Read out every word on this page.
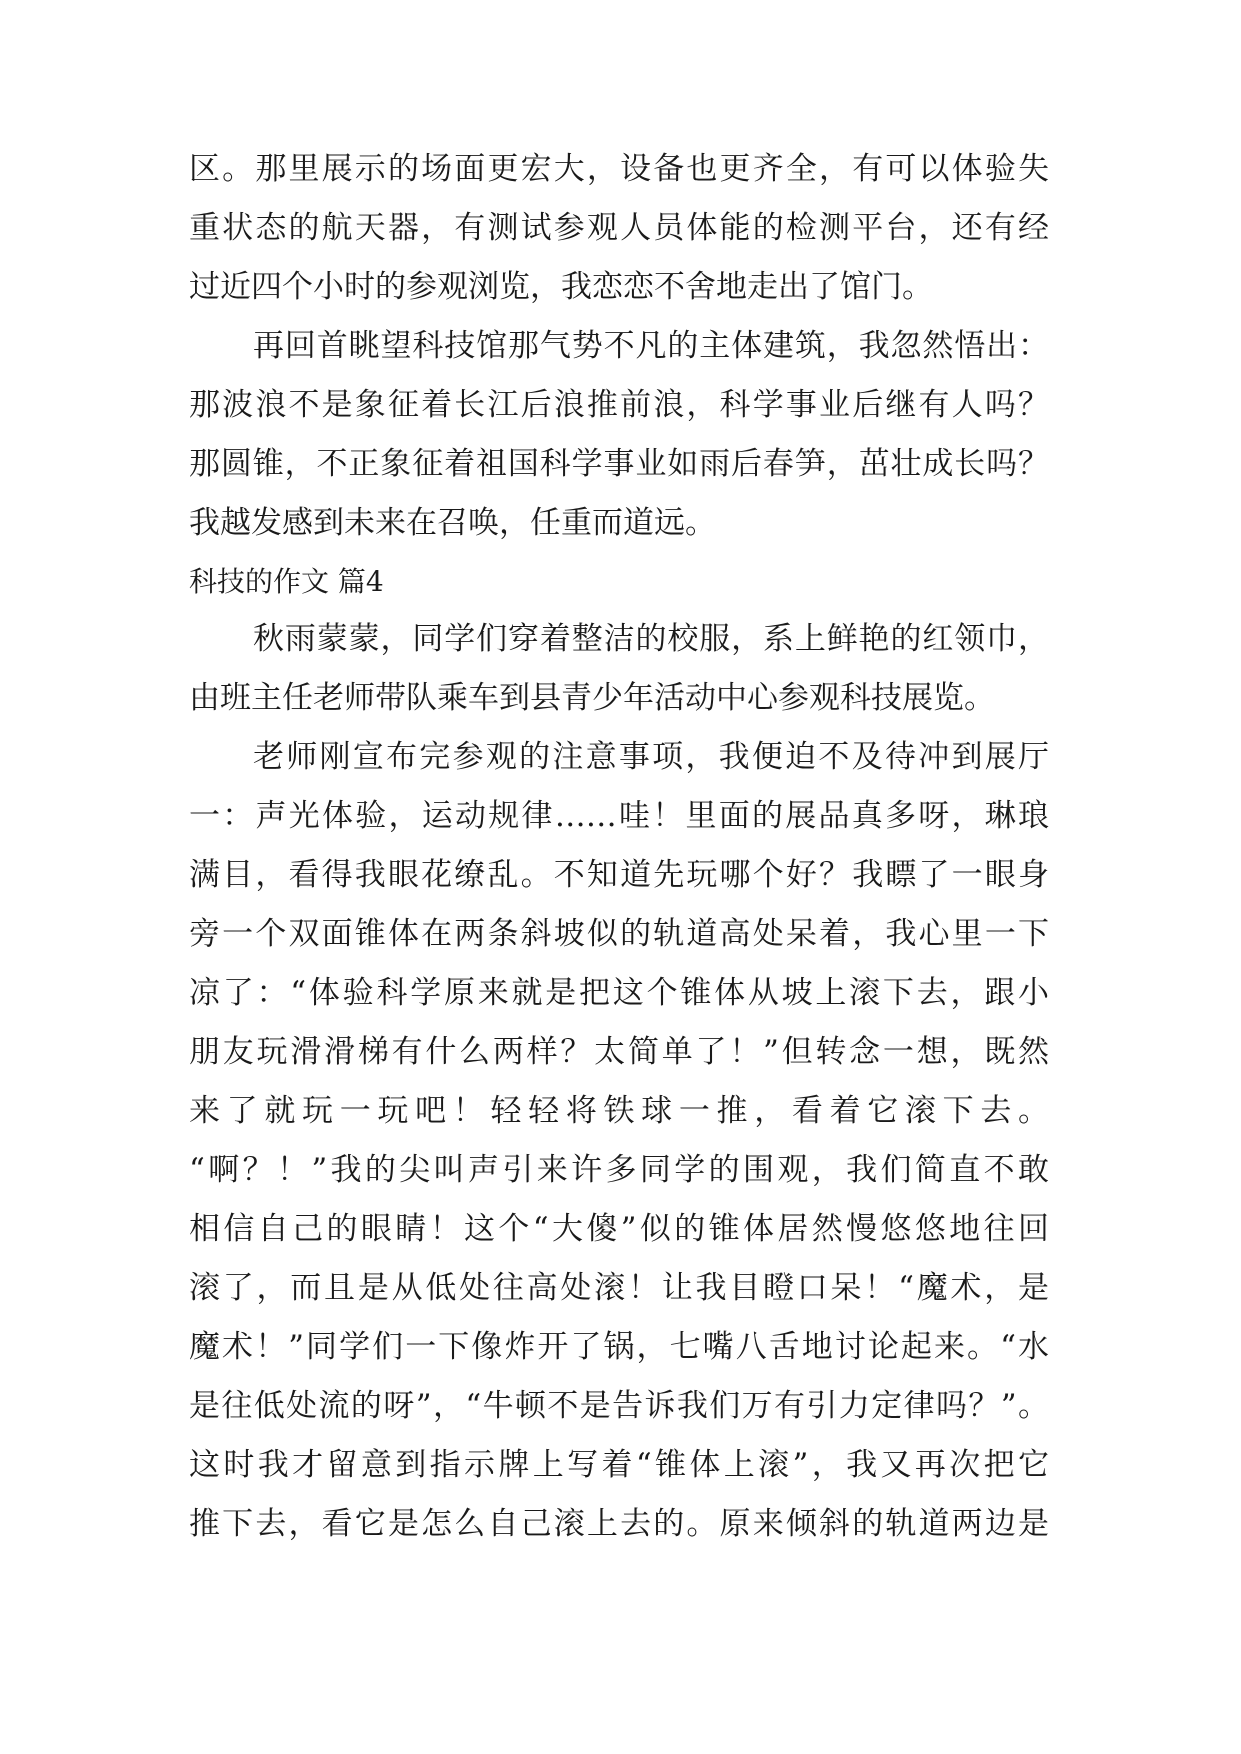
区。那里展示的场面更宏大，设备也更齐全，有可以体验失
重状态的航天器，有测试参观人员体能的检测平台，还有经
过近四个小时的参观浏览，我恋恋不舍地走出了馆门。
再回首眺望科技馆那气势不凡的主体建筑，我忽然悟出：
那波浪不是象征着长江后浪推前浪，科学事业后继有人吗？
那圆锥，不正象征着祖国科学事业如雨后春笋，茁壮成长吗？
我越发感到未来在召唤，任重而道远。
科技的作文 篇4
秋雨蒙蒙，同学们穿着整洁的校服，系上鲜艳的红领巾，
由班主任老师带队乘车到县青少年活动中心参观科技展览。
老师刚宣布完参观的注意事项，我便迫不及待冲到展厅
一：声光体验，运动规律……哇！里面的展品真多呀，琳琅
满目，看得我眼花缭乱。不知道先玩哪个好？我瞟了一眼身
旁一个双面锥体在两条斜坡似的轨道高处呆着，我心里一下
凉了：“体验科学原来就是把这个锥体从坡上滚下去，跟小
朋友玩滑滑梯有什么两样？太简单了！”但转念一想，既然
来了就玩一玩吧！轻轻将铁球一推，看着它滚下去。
“啊？！”我的尖叫声引来许多同学的围观，我们简直不敢
相信自己的眼睛！这个“大傻”似的锥体居然慢悠悠地往回
滚了，而且是从低处往高处滚！让我目瞪口呆！“魔术，是
魔术！”同学们一下像炸开了锅，七嘴八舌地讨论起来。“水
是往低处流的呀”，“牛顿不是告诉我们万有引力定律吗？”。
这时我才留意到指示牌上写着“锥体上滚”，我又再次把它
推下去，看它是怎么自己滚上去的。原来倾斜的轨道两边是
